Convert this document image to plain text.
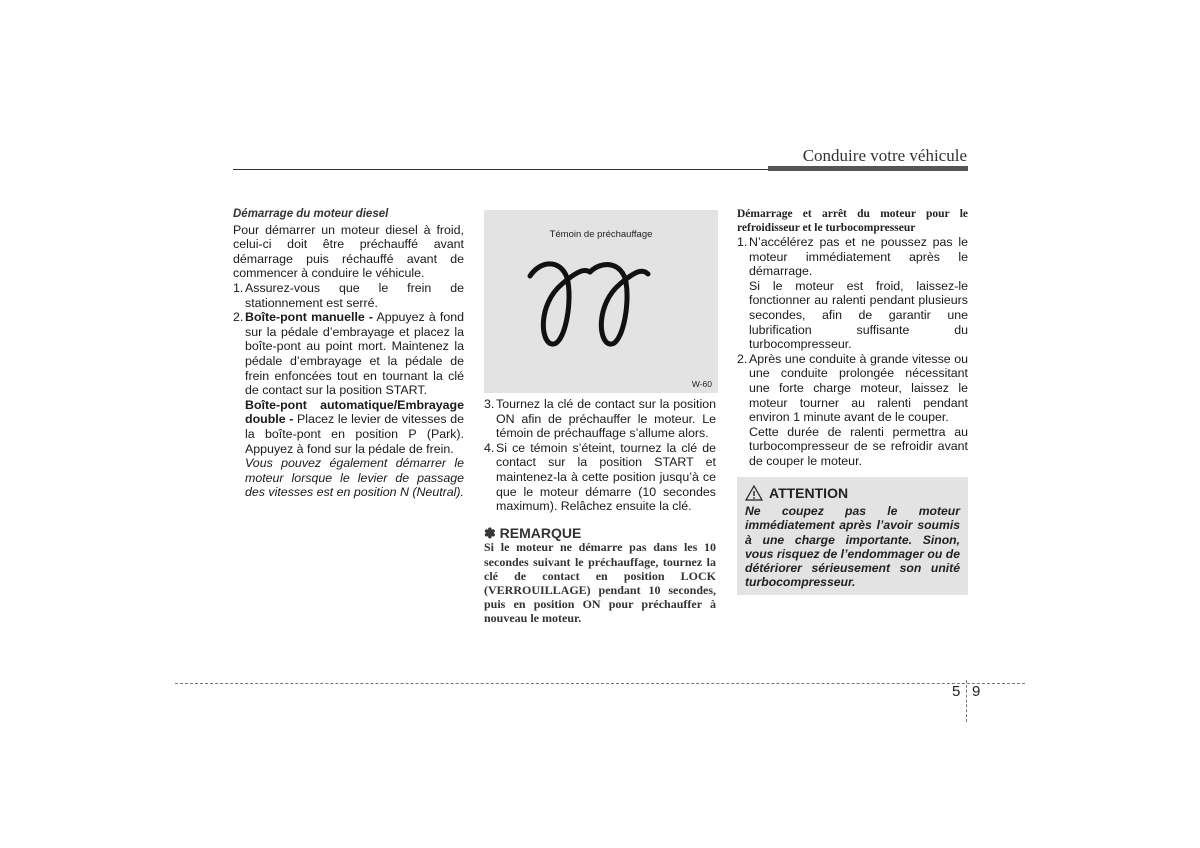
Conduire votre véhicule

Démarrage du moteur diesel

Pour démarrer un moteur diesel à froid, celui-ci doit être préchauffé avant démarrage puis réchauffé avant de commencer à conduire le véhicule.

1. Assurez-vous que le frein de stationnement est serré.
2. Boîte-pont manuelle - Appuyez à fond sur la pédale d’embrayage et placez la boîte-pont au point mort. Maintenez la pédale d’embrayage et la pédale de frein enfoncées tout en tournant la clé de contact sur la position START.

Boîte-pont automatique/Embrayage double - Placez le levier de vitesses de la boîte-pont en position P (Park). Appuyez à fond sur la pédale de frein.

Vous pouvez également démarrer le moteur lorsque le levier de passage des vitesses est en position N (Neutral).

Témoin de préchauffage
W-60
3. Tournez la clé de contact sur la position ON afin de préchauffer le moteur. Le témoin de préchauffage s’allume alors.
4. Si ce témoin s’éteint, tournez la clé de contact sur la position START et maintenez-la à cette position jusqu’à ce que le moteur démarre (10 secondes maximum). Relâchez ensuite la clé.

✽ REMARQUE

Si le moteur ne démarre pas dans les 10 secondes suivant le préchauffage, tournez la clé de contact en position LOCK (VERROUILLAGE) pendant 10 secondes, puis en position ON pour préchauffer à nouveau le moteur.

Démarrage et arrêt du moteur pour le refroidisseur et le turbocompresseur

1. N’accélérez pas et ne poussez pas le moteur immédiatement après le démarrage.

Si le moteur est froid, laissez-le fonctionner au ralenti pendant plusieurs secondes, afin de garantir une lubrification suffisante du turbocompresseur.

2. Après une conduite à grande vitesse ou une conduite prolongée nécessitant une forte charge moteur, laissez le moteur tourner au ralenti pendant environ 1 minute avant de le couper.

Cette durée de ralenti permettra au turbocompresseur de se refroidir avant de couper le moteur.

ATTENTION
Ne coupez pas le moteur immédiatement après l’avoir soumis à une charge importante. Sinon, vous risquez de l’endommager ou de détériorer sérieusement son unité turbocompresseur.
5 9
